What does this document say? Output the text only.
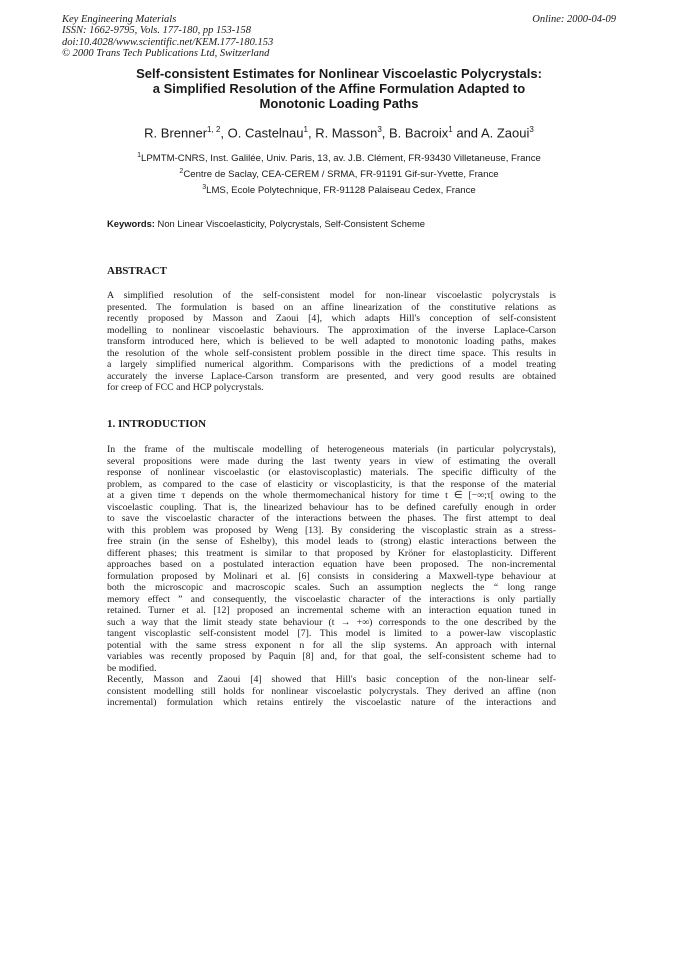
Key Engineering Materials
ISSN: 1662-9795, Vols. 177-180, pp 153-158
doi:10.4028/www.scientific.net/KEM.177-180.153
© 2000 Trans Tech Publications Ltd, Switzerland
Online: 2000-04-09
Self-consistent Estimates for Nonlinear Viscoelastic Polycrystals:
a Simplified Resolution of the Affine Formulation Adapted to
Monotonic Loading Paths
R. Brenner$^{1, 2}$, O. Castelnau$^1$, R. Masson$^3$, B. Bacroix$^1$ and A. Zaoui$^3$
$^1$LPMTM-CNRS, Inst. Galilée, Univ. Paris, 13, av. J.B. Clément, FR-93430 Villetaneuse, France
$^2$Centre de Saclay, CEA-CEREM / SRMA, FR-91191 Gif-sur-Yvette, France
$^3$LMS, Ecole Polytechnique, FR-91128 Palaiseau Cedex, France
Keywords: Non Linear Viscoelasticity, Polycrystals, Self-Consistent Scheme
ABSTRACT
A simplified resolution of the self-consistent model for non-linear viscoelastic polycrystals is
presented. The formulation is based on an affine linearization of the constitutive relations as
recently proposed by Masson and Zaoui [4], which adapts Hill's conception of self-consistent
modelling to nonlinear viscoelastic behaviours. The approximation of the inverse Laplace-Carson
transform introduced here, which is believed to be well adapted to monotonic loading paths, makes
the resolution of the whole self-consistent problem possible in the direct time space. This results in
a largely simplified numerical algorithm. Comparisons with the predictions of a model treating
accurately the inverse Laplace-Carson transform are presented, and very good results are obtained
for creep of FCC and HCP polycrystals.
1. INTRODUCTION
In the frame of the multiscale modelling of heterogeneous materials (in particular polycrystals),
several propositions were made during the last twenty years in view of estimating the overall
response of nonlinear viscoelastic (or elastoviscoplastic) materials. The specific difficulty of the
problem, as compared to the case of elasticity or viscoplasticity, is that the response of the material
at a given time τ depends on the whole thermomechanical history for time t ∈ [−∞;τ[ owing to the
viscoelastic coupling. That is, the linearized behaviour has to be defined carefully enough in order
to save the viscoelastic character of the interactions between the phases. The first attempt to deal
with this problem was proposed by Weng [13]. By considering the viscoplastic strain as a stress-
free strain (in the sense of Eshelby), this model leads to (strong) elastic interactions between the
different phases; this treatment is similar to that proposed by Kröner for elastoplasticity. Different
approaches based on a postulated interaction equation have been proposed. The non-incremental
formulation proposed by Molinari et al. [6] consists in considering a Maxwell-type behaviour at
both the microscopic and macroscopic scales. Such an assumption neglects the “ long range
memory effect ” and consequently, the viscoelastic character of the interactions is only partially
retained. Turner et al. [12] proposed an incremental scheme with an interaction equation tuned in
such a way that the limit steady state behaviour (t → +∞) corresponds to the one described by the
tangent viscoplastic self-consistent model [7]. This model is limited to a power-law viscoplastic
potential with the same stress exponent n for all the slip systems. An approach with internal
variables was recently proposed by Paquin [8] and, for that goal, the self-consistent scheme had to
be modified.
Recently, Masson and Zaoui [4] showed that Hill's basic conception of the non-linear self-
consistent modelling still holds for nonlinear viscoelastic polycrystals. They derived an affine (non
incremental) formulation which retains entirely the viscoelastic nature of the interactions and
